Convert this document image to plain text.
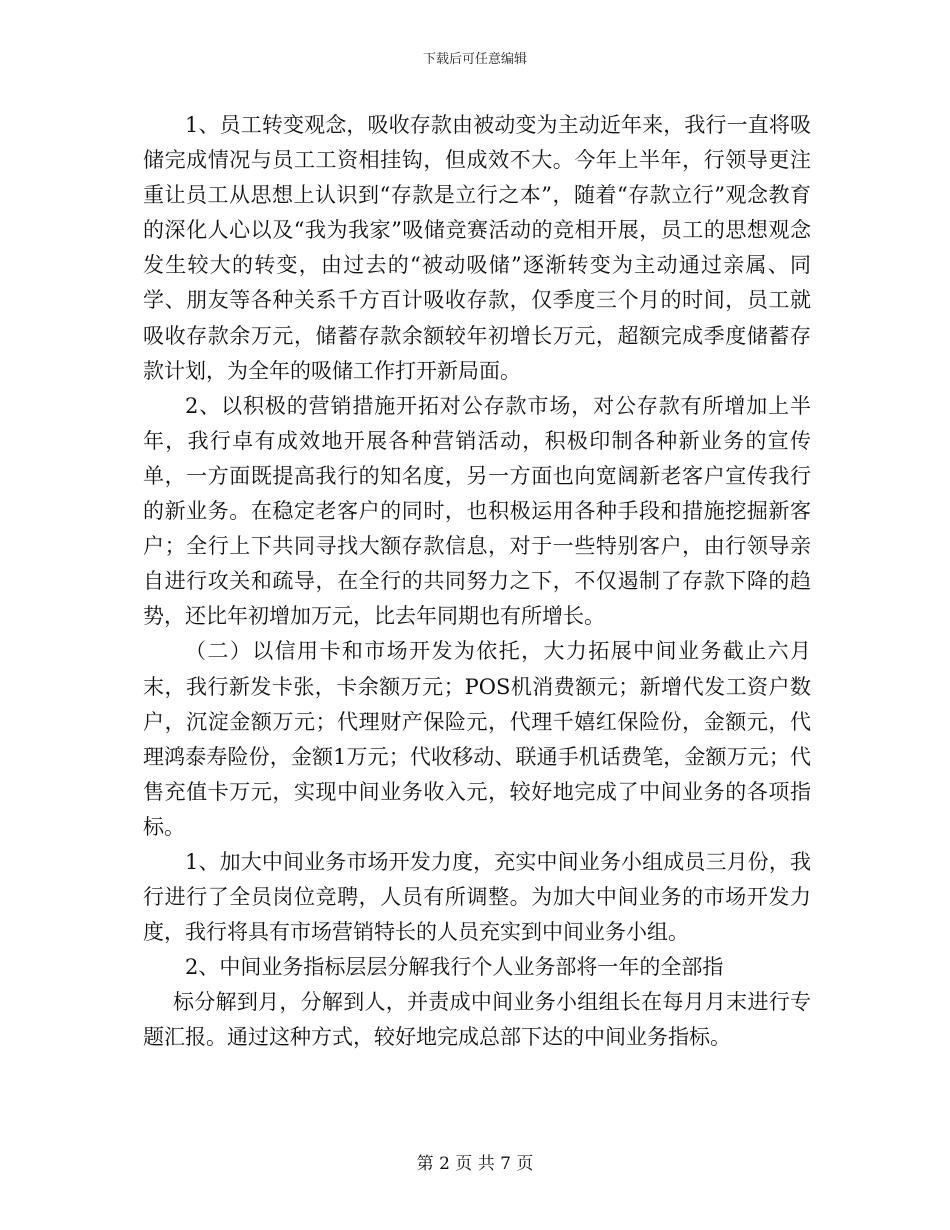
下载后可任意编辑

1、员工转变观念，吸收存款由被动变为主动近年来，我行一直将吸储完成情况与员工工资相挂钩，但成效不大。今年上半年，行领导更注重让员工从思想上认识到“存款是立行之本”，随着“存款立行”观念教育的深化人心以及“我为我家”吸储竞赛活动的竞相开展，员工的思想观念发生较大的转变，由过去的“被动吸储”逐渐转变为主动通过亲属、同学、朋友等各种关系千方百计吸收存款，仅季度三个月的时间，员工就吸收存款余万元，储蓄存款余额较年初增长万元，超额完成季度储蓄存款计划，为全年的吸储工作打开新局面。

2、以积极的营销措施开拓对公存款市场，对公存款有所增加上半年，我行卓有成效地开展各种营销活动，积极印制各种新业务的宣传单，一方面既提高我行的知名度，另一方面也向宽阔新老客户宣传我行的新业务。在稳定老客户的同时，也积极运用各种手段和措施挖掘新客户；全行上下共同寻找大额存款信息，对于一些特别客户，由行领导亲自进行攻关和疏导，在全行的共同努力之下，不仅遏制了存款下降的趋势，还比年初增加万元，比去年同期也有所增长。

（二）以信用卡和市场开发为依托，大力拓展中间业务截止六月末，我行新发卡张，卡余额万元；POS机消费额元；新增代发工资户数户，沉淀金额万元；代理财产保险元，代理千嬉红保险份，金额元，代理鸿泰寿险份，金额1万元；代收移动、联通手机话费笔，金额万元；代售充值卡万元，实现中间业务收入元，较好地完成了中间业务的各项指标。

1、加大中间业务市场开发力度，充实中间业务小组成员三月份，我行进行了全员岗位竞聘，人员有所调整。为加大中间业务的市场开发力度，我行将具有市场营销特长的人员充实到中间业务小组。

2、中间业务指标层层分解我行个人业务部将一年的全部指

标分解到月，分解到人，并责成中间业务小组组长在每月月末进行专题汇报。通过这种方式，较好地完成总部下达的中间业务指标。

第 2 页 共 7 页
